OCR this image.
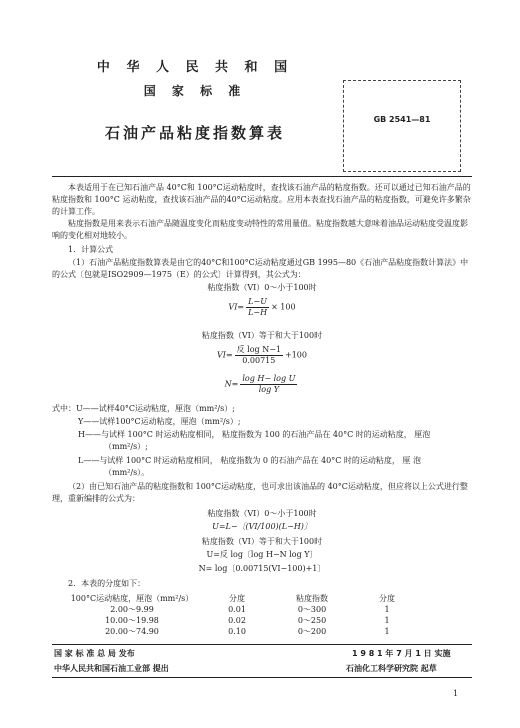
中 华 人 民 共 和 国
国 家 标 准
GB 2541—81
石油产品粘度指数算表
本表适用于在已知石油产品 40°C和 100°C运动粘度时，查找该石油产品的粘度指数。还可以通过已知石油产品的粘度指数和 100°C 运动粘度，查找该石油产品的40°C运动粘度。应用本表查找石油产品的粘度指数，可避免许多繁杂的计算工作。
粘度指数是用来表示石油产品随温度变化而粘度变动特性的常用量值。粘度指数越大意味着油品运动粘度受温度影响的变化相对地较小。
1．计算公式
（1）石油产品粘度指数算表是由它的40°C和100°C运动粘度通过GB 1995—80《石油产品粘度指数计算法》中的公式〔包就是ISO2909—1975（E）的公式〕计算得到，其公式为：
粘度指数（VI）0～小于100时
$VI= \frac{L-U}{L-H} \times 100$
粘度指数（VI）等于和大于100时
$VI= \frac{\text{反 log N−1}}{0.00715} +100$
$N= \frac{\text{log H− log U}}{\text{log Y}}$
式中：U——试样40°C运动粘度，厘泡（mm²/s）;
Y——试样100°C运动粘度，厘泡（mm²/s）;
H——与试样 100°C 时运动粘度相同， 粘度指数为 100 的石油产品在 40°C 时的运动粘度， 厘泡
（mm²/s）;
L——与试样 100°C 时运动粘度相同， 粘度指数为 0 的石油产品在 40°C 时的运动粘度， 厘 泡
（mm²/s）。
（2）由已知石油产品的粘度指数和 100°C运动粘度，也可求出该油品的 40°C运动粘度，但应将以上公式进行整理，重新编排的公式为：
粘度指数（VI）0～小于100时
U=L−〔(VI/100)(L−H)〕
粘度指数（VI）等于和大于100时
U=反 log〔log H−N log Y〕
N= log〔0.00715(VI−100)+1〕
2．本表的分度如下：
100°C运动粘度，厘泡（mm²/s）	分度	粘度指数	分度
2.00～9.99	0.01	0～300	1
10.00～19.98	0.02	0～250	1
20.00～74.90	0.10	0～200	1
国 家 标 准 总 局 发布	1 9 8 1 年 7 月 1 日 实施
中华人民共和国石油工业部 提出	石油化工科学研究院 起草
1
